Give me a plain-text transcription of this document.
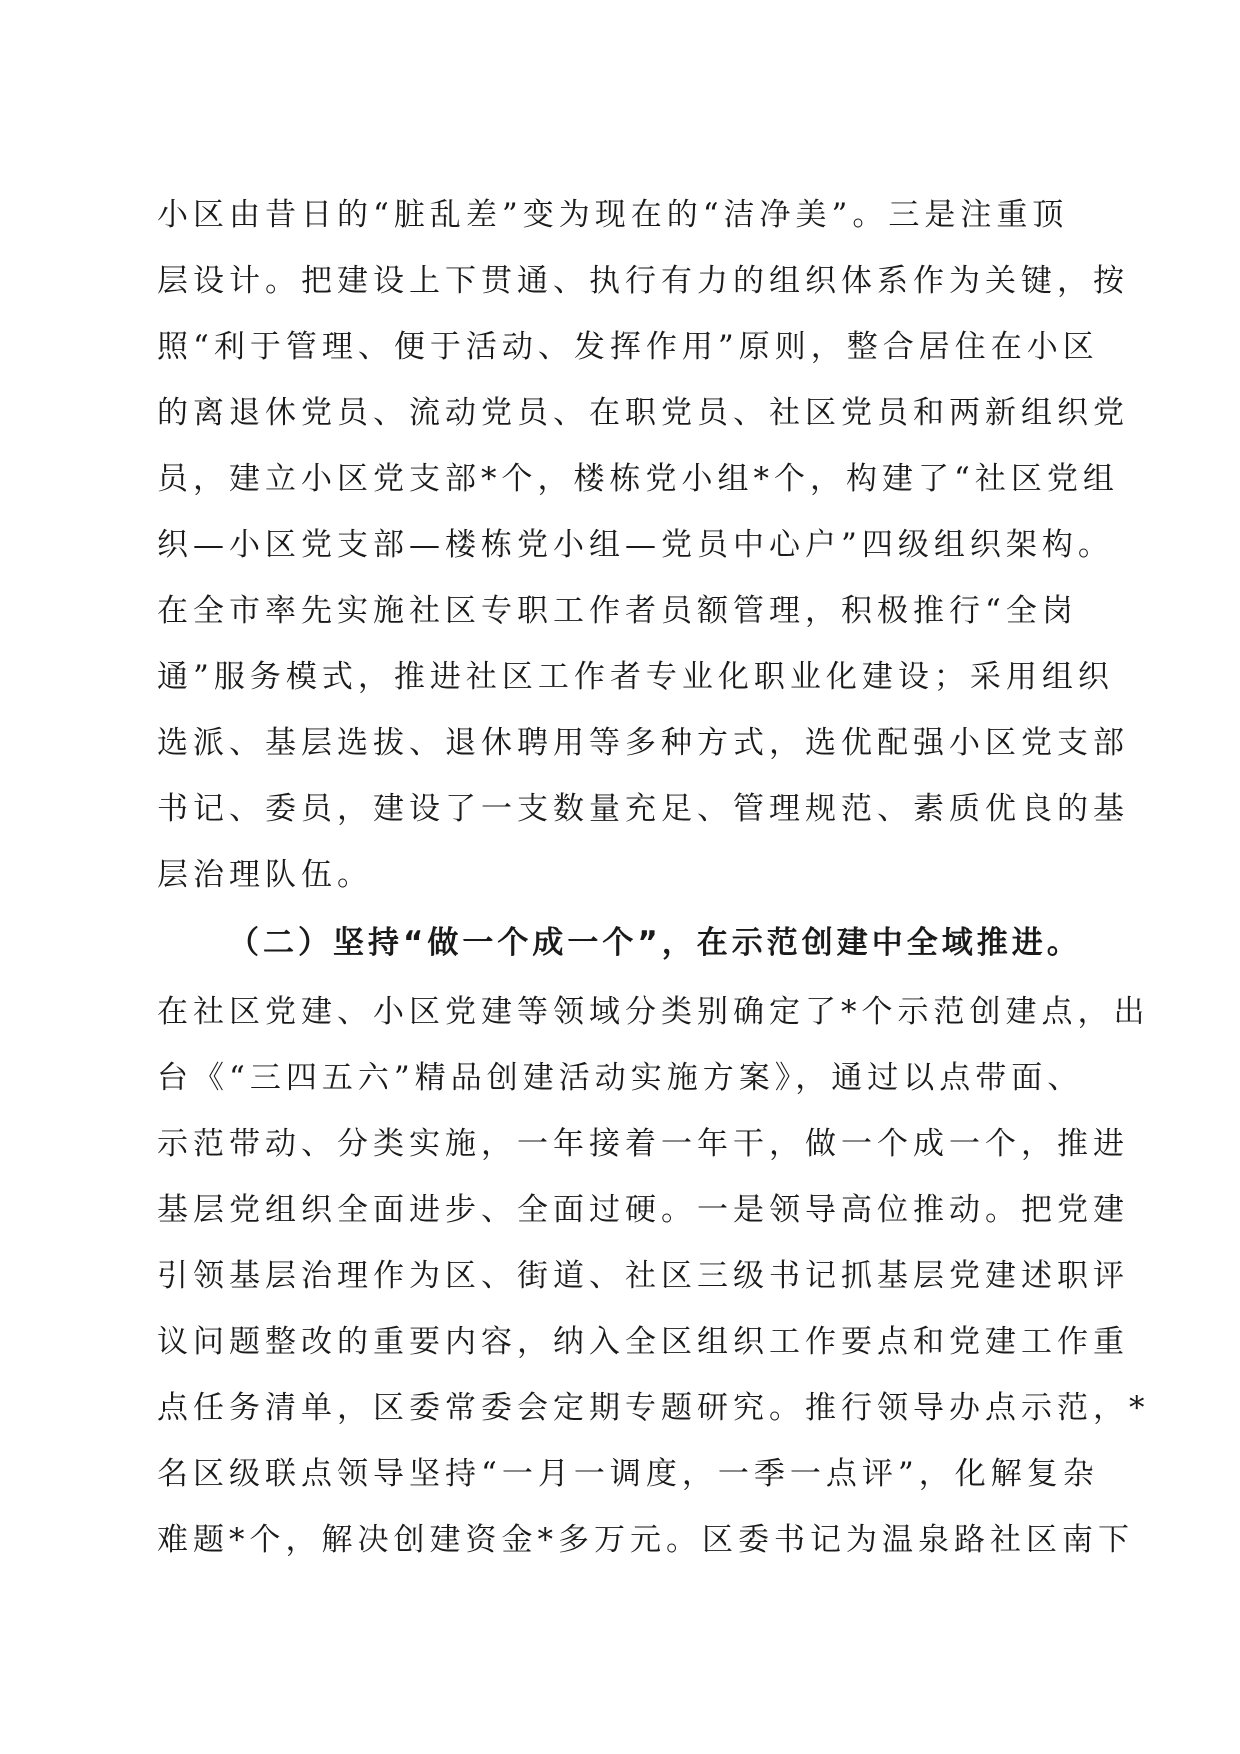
小区由昔日的“脏乱差”变为现在的“洁净美”。三是注重顶
层设计。把建设上下贯通、执行有力的组织体系作为关键，按
照“利于管理、便于活动、发挥作用”原则，整合居住在小区
的离退休党员、流动党员、在职党员、社区党员和两新组织党
员，建立小区党支部*个，楼栋党小组*个，构建了“社区党组
织—小区党支部—楼栋党小组—党员中心户”四级组织架构。
在全市率先实施社区专职工作者员额管理，积极推行“全岗
通”服务模式，推进社区工作者专业化职业化建设；采用组织
选派、基层选拔、退休聘用等多种方式，选优配强小区党支部
书记、委员，建设了一支数量充足、管理规范、素质优良的基
层治理队伍。
（二）坚持“做一个成一个”，在示范创建中全域推进。
在社区党建、小区党建等领域分类别确定了*个示范创建点，出
台《“三四五六”精品创建活动实施方案》，通过以点带面、
示范带动、分类实施，一年接着一年干，做一个成一个，推进
基层党组织全面进步、全面过硬。一是领导高位推动。把党建
引领基层治理作为区、街道、社区三级书记抓基层党建述职评
议问题整改的重要内容，纳入全区组织工作要点和党建工作重
点任务清单，区委常委会定期专题研究。推行领导办点示范，*
名区级联点领导坚持“一月一调度，一季一点评”，化解复杂
难题*个，解决创建资金*多万元。区委书记为温泉路社区南下
